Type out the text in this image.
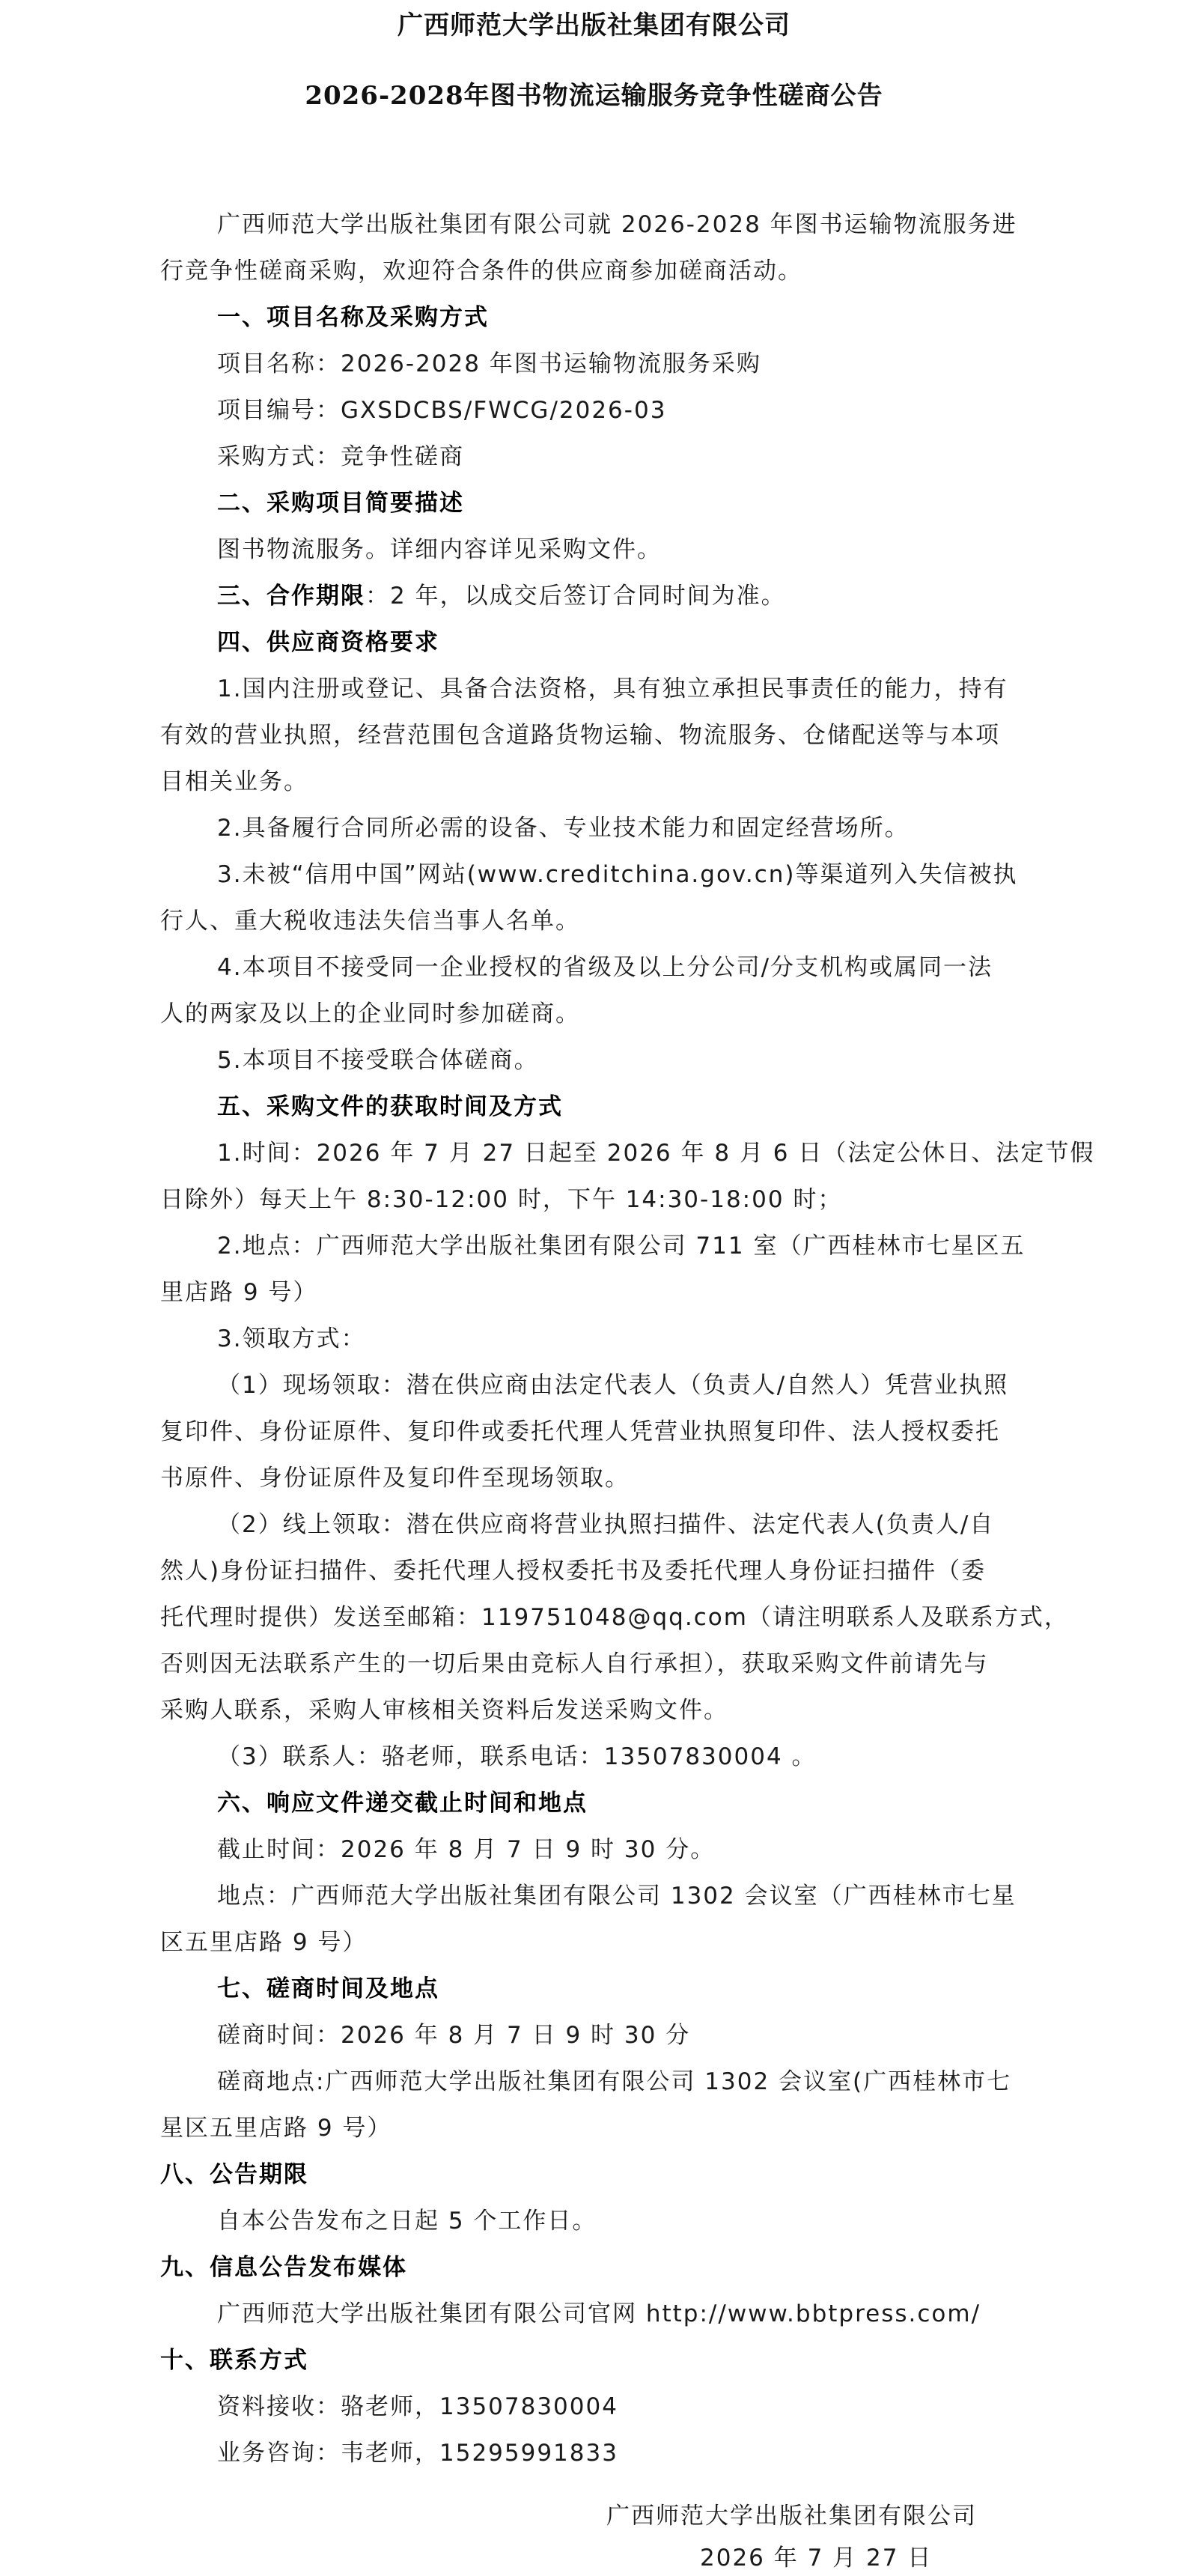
广西师范大学出版社集团有限公司
2026-2028年图书物流运输服务竞争性磋商公告
广西师范大学出版社集团有限公司就 2026-2028 年图书运输物流服务进
行竞争性磋商采购，欢迎符合条件的供应商参加磋商活动。
一、项目名称及采购方式
项目名称：2026-2028 年图书运输物流服务采购
项目编号：GXSDCBS/FWCG/2026-03
采购方式：竞争性磋商
二、采购项目简要描述
图书物流服务。详细内容详见采购文件。
三、合作期限：2 年，以成交后签订合同时间为准。
四、供应商资格要求
1.国内注册或登记、具备合法资格，具有独立承担民事责任的能力，持有
有效的营业执照，经营范围包含道路货物运输、物流服务、仓储配送等与本项
目相关业务。
2.具备履行合同所必需的设备、专业技术能力和固定经营场所。
3.未被“信用中国”网站(www.creditchina.gov.cn)等渠道列入失信被执
行人、重大税收违法失信当事人名单。
4.本项目不接受同一企业授权的省级及以上分公司/分支机构或属同一法
人的两家及以上的企业同时参加磋商。
5.本项目不接受联合体磋商。
五、采购文件的获取时间及方式
1.时间：2026 年 7 月 27 日起至 2026 年 8 月 6 日（法定公休日、法定节假
日除外）每天上午 8:30-12:00 时，下午 14:30-18:00 时；
2.地点：广西师范大学出版社集团有限公司 711 室（广西桂林市七星区五
里店路 9 号）
3.领取方式：
（1）现场领取：潜在供应商由法定代表人（负责人/自然人）凭营业执照
复印件、身份证原件、复印件或委托代理人凭营业执照复印件、法人授权委托
书原件、身份证原件及复印件至现场领取。
（2）线上领取：潜在供应商将营业执照扫描件、法定代表人(负责人/自
然人)身份证扫描件、委托代理人授权委托书及委托代理人身份证扫描件（委
托代理时提供）发送至邮箱：119751048@qq.com（请注明联系人及联系方式，
否则因无法联系产生的一切后果由竞标人自行承担），获取采购文件前请先与
采购人联系，采购人审核相关资料后发送采购文件。
（3）联系人：骆老师，联系电话：13507830004 。
六、响应文件递交截止时间和地点
截止时间：2026 年 8 月 7 日 9 时 30 分。
地点：广西师范大学出版社集团有限公司 1302 会议室（广西桂林市七星
区五里店路 9 号）
七、磋商时间及地点
磋商时间：2026 年 8 月 7 日 9 时 30 分
磋商地点:广西师范大学出版社集团有限公司 1302 会议室(广西桂林市七
星区五里店路 9 号）
八、公告期限
自本公告发布之日起 5 个工作日。
九、信息公告发布媒体
广西师范大学出版社集团有限公司官网 http://www.bbtpress.com/
十、联系方式
资料接收：骆老师，13507830004
业务咨询：韦老师，15295991833
广西师范大学出版社集团有限公司
2026 年 7 月 27 日
